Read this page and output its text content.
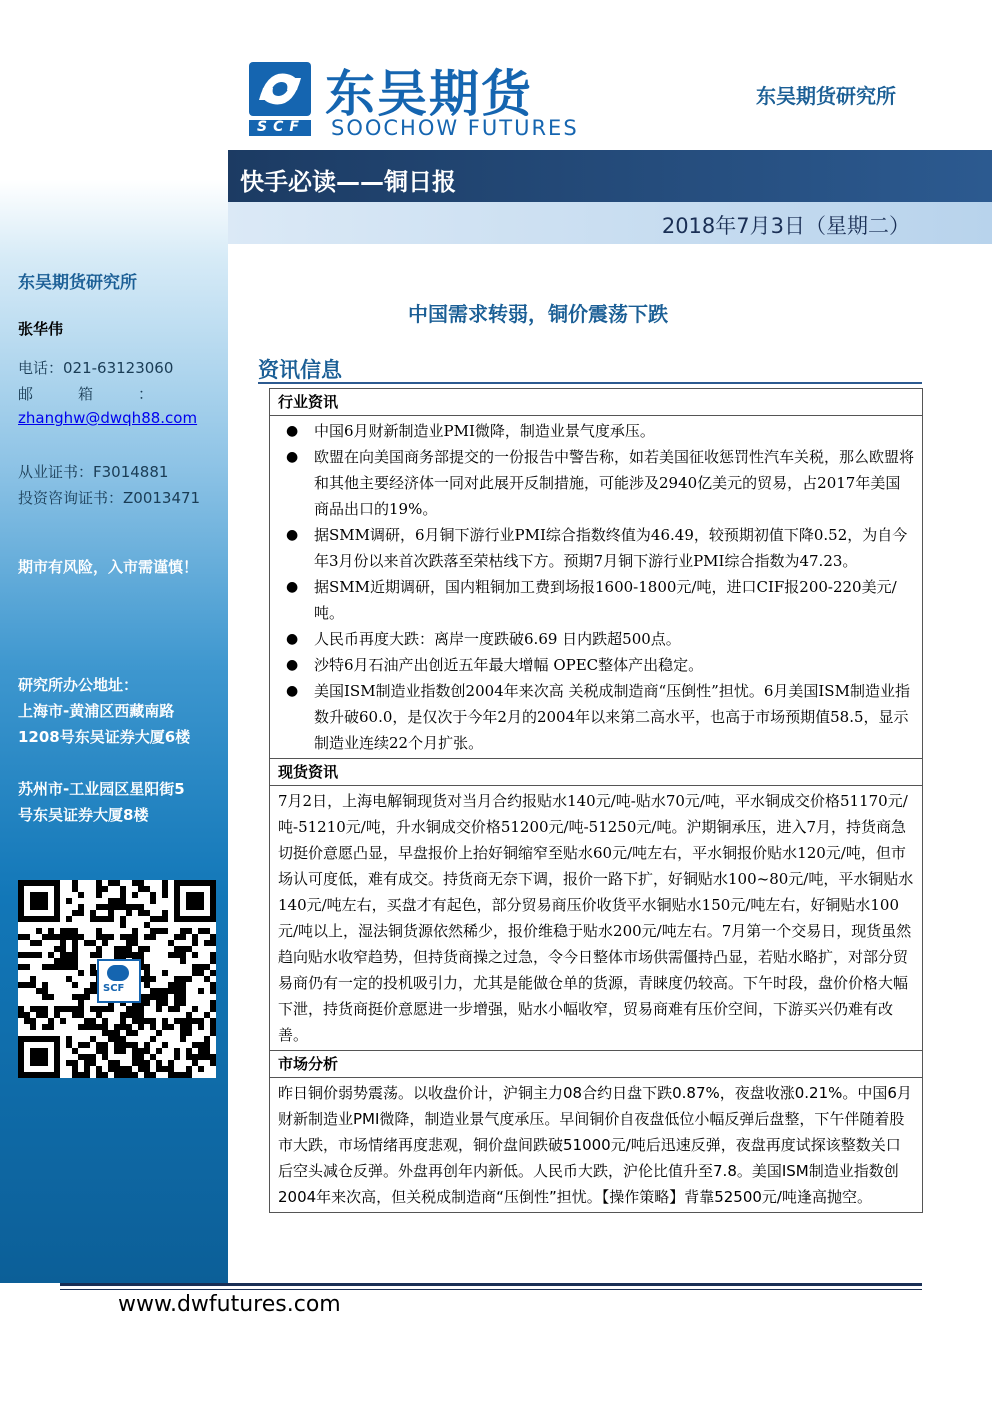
SCF
东吴期货
SOOCHOW FUTURES
东吴期货研究所
快手必读——铜日报
2018年7月3日（星期二）
东吴期货研究所
张华伟
电话：021-63123060
邮　　　箱　　　：
zhanghw@dwqh88.com
从业证书：F3014881
投资咨询证书：Z0013471
期市有风险，入市需谨慎！
研究所办公地址：
上海市-黄浦区西藏南路
1208号东吴证券大厦6楼
苏州市-工业园区星阳街5
号东吴证券大厦8楼
SCF
中国需求转弱，铜价震荡下跌
资讯信息
行业资讯
● 中国6月财新制造业PMI微降，制造业景气度承压。
● 欧盟在向美国商务部提交的一份报告中警告称，如若美国征收惩罚性汽车关税，那么欧盟将和其他主要经济体一同对此展开反制措施，可能涉及2940亿美元的贸易，占2017年美国商品出口的19%。
● 据SMM调研，6月铜下游行业PMI综合指数终值为46.49，较预期初值下降0.52，为自今年3月份以来首次跌落至荣枯线下方。预期7月铜下游行业PMI综合指数为47.23。
● 据SMM近期调研，国内粗铜加工费到场报1600-1800元/吨，进口CIF报200-220美元/吨。
● 人民币再度大跌：离岸一度跌破6.69 日内跌超500点。
● 沙特6月石油产出创近五年最大增幅 OPEC整体产出稳定。
● 美国ISM制造业指数创2004年来次高 关税成制造商“压倒性”担忧。6月美国ISM制造业指数升破60.0，是仅次于今年2月的2004年以来第二高水平，也高于市场预期值58.5，显示制造业连续22个月扩张。
现货资讯

7月2日，上海电解铜现货对当月合约报贴水140元/吨-贴水70元/吨，平水铜成交价格51170元/吨-51210元/吨，升水铜成交价格51200元/吨-51250元/吨。沪期铜承压，进入7月，持货商急切挺价意愿凸显，早盘报价上抬好铜缩窄至贴水60元/吨左右，平水铜报价贴水120元/吨，但市场认可度低，难有成交。持货商无奈下调，报价一路下扩，好铜贴水100~80元/吨，平水铜贴水140元/吨左右，买盘才有起色，部分贸易商压价收货平水铜贴水150元/吨左右，好铜贴水100元/吨以上，湿法铜货源依然稀少，报价维稳于贴水200元/吨左右。7月第一个交易日，现货虽然趋向贴水收窄趋势，但持货商操之过急，令今日整体市场供需僵持凸显，若贴水略扩，对部分贸易商仍有一定的投机吸引力，尤其是能做仓单的货源，青睐度仍较高。下午时段，盘价价格大幅下泄，持货商挺价意愿进一步增强，贴水小幅收窄，贸易商难有压价空间，下游买兴仍难有改善。

市场分析

昨日铜价弱势震荡。以收盘价计，沪铜主力08合约日盘下跌0.87%，夜盘收涨0.21%。中国6月财新制造业PMI微降，制造业景气度承压。早间铜价自夜盘低位小幅反弹后盘整，下午伴随着股市大跌，市场情绪再度悲观，铜价盘间跌破51000元/吨后迅速反弹，夜盘再度试探该整数关口后空头减仓反弹。外盘再创年内新低。人民币大跌，沪伦比值升至7.8。美国ISM制造业指数创2004年来次高，但关税成制造商“压倒性”担忧。【操作策略】背靠52500元/吨逢高抛空。

www.dwfutures.com
